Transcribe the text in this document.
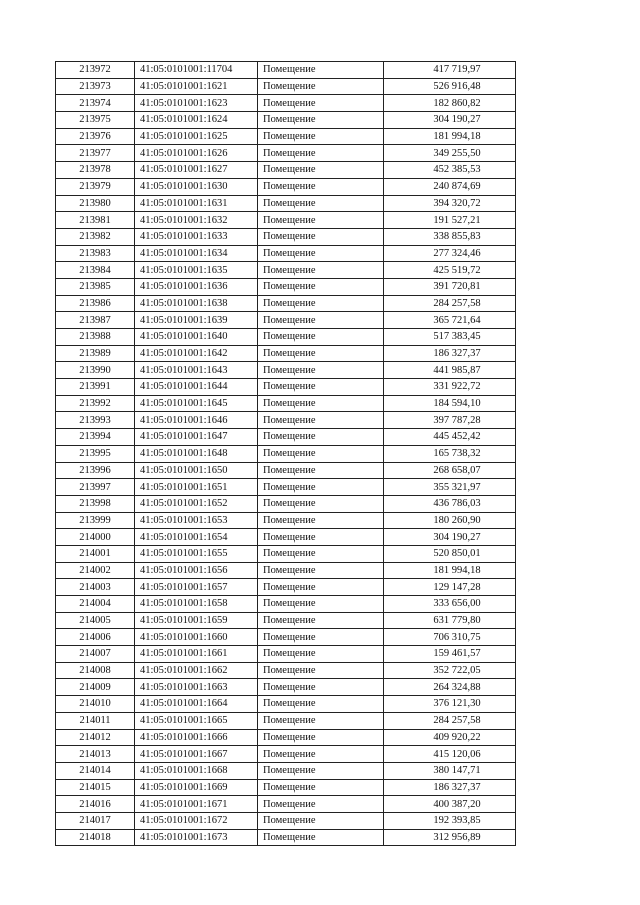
213972	41:05:0101001:11704	Помещение	417 719,97
213973	41:05:0101001:1621	Помещение	526 916,48
213974	41:05:0101001:1623	Помещение	182 860,82
213975	41:05:0101001:1624	Помещение	304 190,27
213976	41:05:0101001:1625	Помещение	181 994,18
213977	41:05:0101001:1626	Помещение	349 255,50
213978	41:05:0101001:1627	Помещение	452 385,53
213979	41:05:0101001:1630	Помещение	240 874,69
213980	41:05:0101001:1631	Помещение	394 320,72
213981	41:05:0101001:1632	Помещение	191 527,21
213982	41:05:0101001:1633	Помещение	338 855,83
213983	41:05:0101001:1634	Помещение	277 324,46
213984	41:05:0101001:1635	Помещение	425 519,72
213985	41:05:0101001:1636	Помещение	391 720,81
213986	41:05:0101001:1638	Помещение	284 257,58
213987	41:05:0101001:1639	Помещение	365 721,64
213988	41:05:0101001:1640	Помещение	517 383,45
213989	41:05:0101001:1642	Помещение	186 327,37
213990	41:05:0101001:1643	Помещение	441 985,87
213991	41:05:0101001:1644	Помещение	331 922,72
213992	41:05:0101001:1645	Помещение	184 594,10
213993	41:05:0101001:1646	Помещение	397 787,28
213994	41:05:0101001:1647	Помещение	445 452,42
213995	41:05:0101001:1648	Помещение	165 738,32
213996	41:05:0101001:1650	Помещение	268 658,07
213997	41:05:0101001:1651	Помещение	355 321,97
213998	41:05:0101001:1652	Помещение	436 786,03
213999	41:05:0101001:1653	Помещение	180 260,90
214000	41:05:0101001:1654	Помещение	304 190,27
214001	41:05:0101001:1655	Помещение	520 850,01
214002	41:05:0101001:1656	Помещение	181 994,18
214003	41:05:0101001:1657	Помещение	129 147,28
214004	41:05:0101001:1658	Помещение	333 656,00
214005	41:05:0101001:1659	Помещение	631 779,80
214006	41:05:0101001:1660	Помещение	706 310,75
214007	41:05:0101001:1661	Помещение	159 461,57
214008	41:05:0101001:1662	Помещение	352 722,05
214009	41:05:0101001:1663	Помещение	264 324,88
214010	41:05:0101001:1664	Помещение	376 121,30
214011	41:05:0101001:1665	Помещение	284 257,58
214012	41:05:0101001:1666	Помещение	409 920,22
214013	41:05:0101001:1667	Помещение	415 120,06
214014	41:05:0101001:1668	Помещение	380 147,71
214015	41:05:0101001:1669	Помещение	186 327,37
214016	41:05:0101001:1671	Помещение	400 387,20
214017	41:05:0101001:1672	Помещение	192 393,85
214018	41:05:0101001:1673	Помещение	312 956,89
